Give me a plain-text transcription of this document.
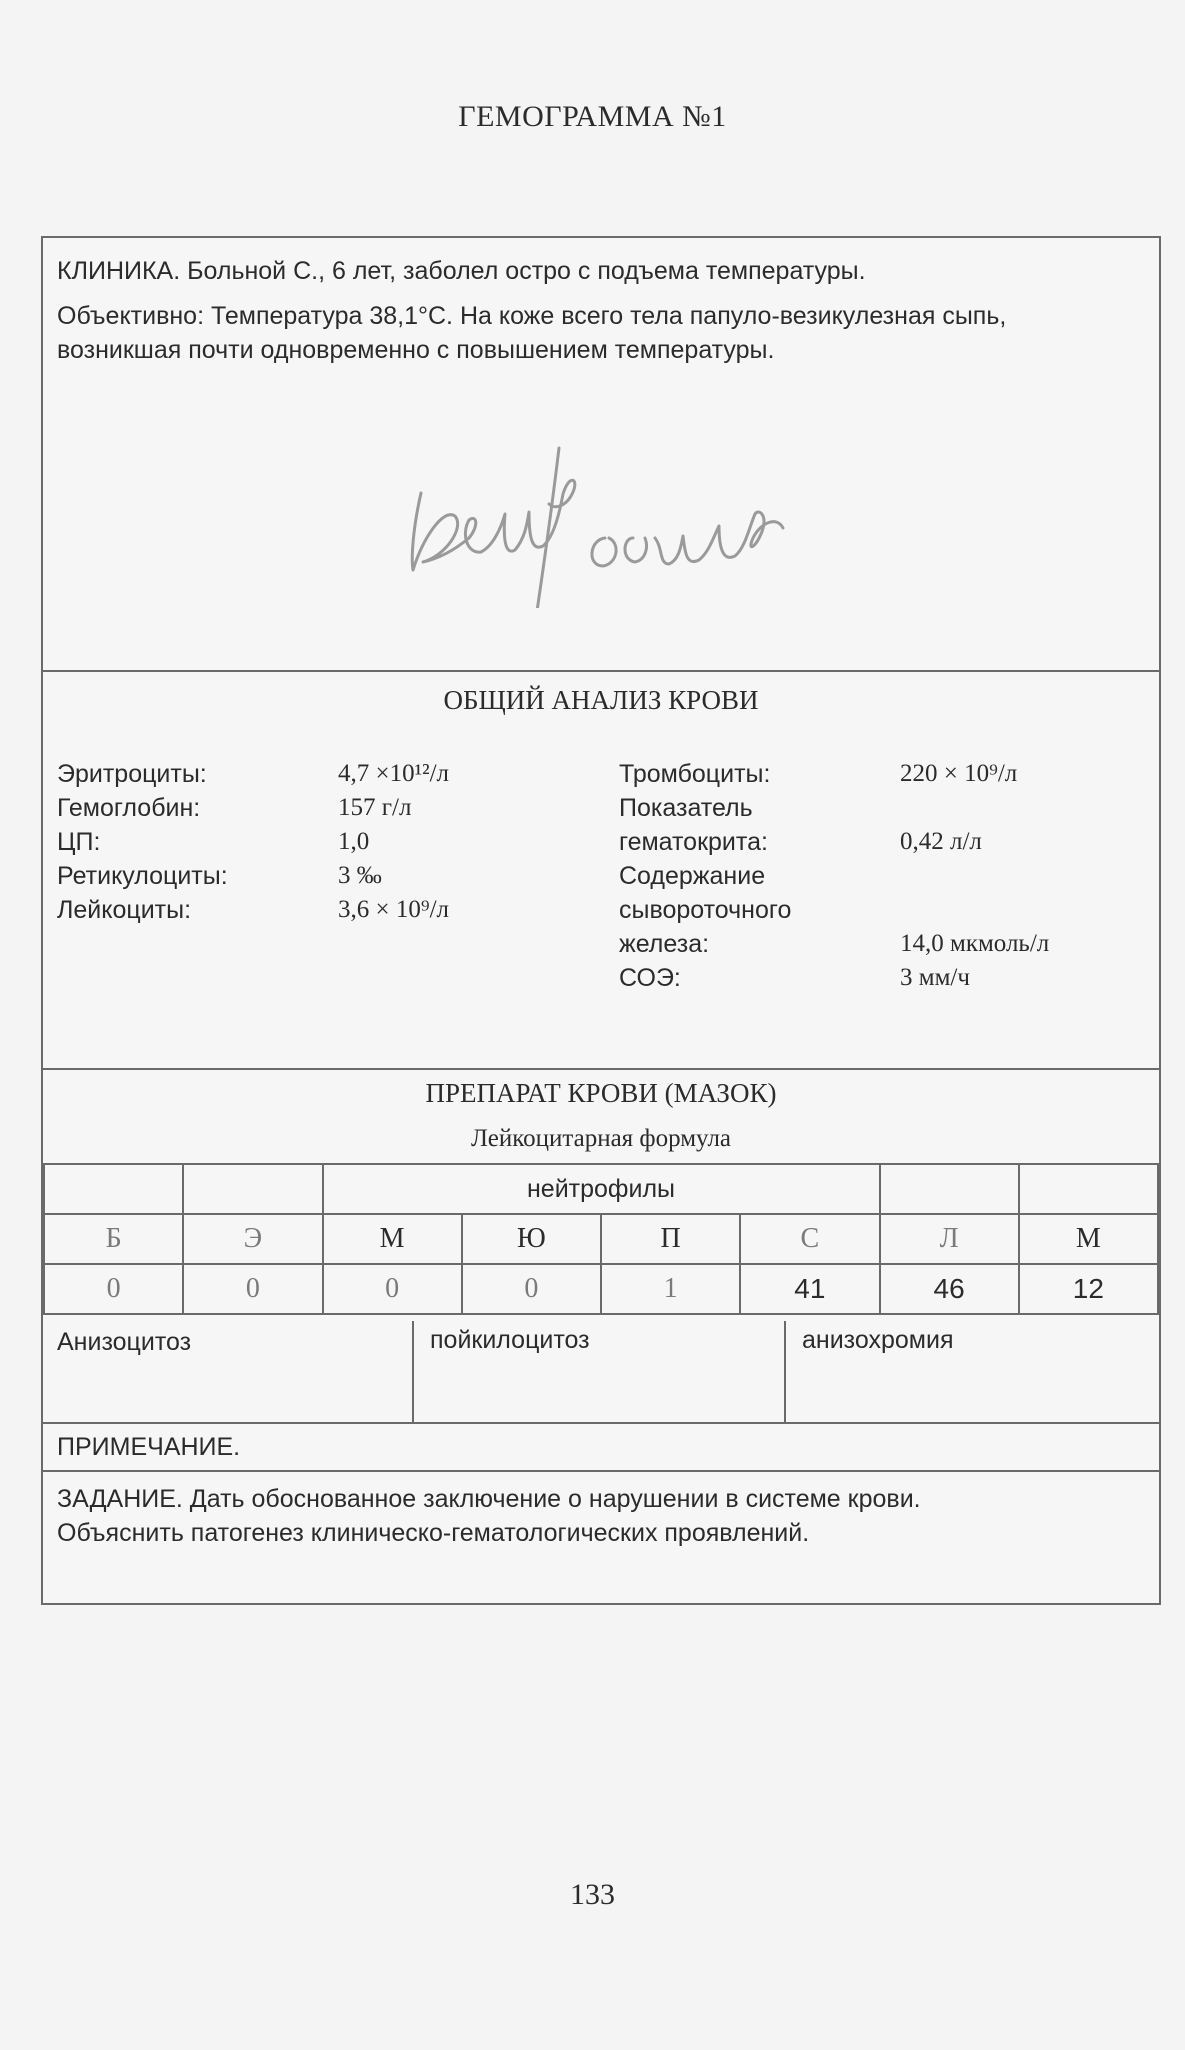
ГЕМОГРАММА №1
КЛИНИКА. Больной С., 6 лет, заболел остро с подъема температуры.
Объективно: Температура 38,1°С. На коже всего тела папуло-везикулезная сыпь,
возникшая почти одновременно с повышением температуры.
ОБЩИЙ АНАЛИЗ КРОВИ
Эритроциты:	4,7 ×10¹²/л
Гемоглобин:	157 г/л
ЦП:	1,0
Ретикулоциты:	3 ‰
Лейкоциты:	3,6 × 10⁹/л
Тромбоциты:	220 × 10⁹/л
Показатель
гематокрита:	0,42 л/л
Содержание
сывороточного
железа:	14,0 мкмоль/л
СОЭ:	3 мм/ч
ПРЕПАРАТ КРОВИ (МАЗОК)
Лейкоцитарная формула
		нейтрофилы					
Б	Э	М	Ю	П	С	Л	М
0	0	0	0	1	41	46	12
Анизоцитоз	пойкилоцитоз	анизохромия
ПРИМЕЧАНИЕ.
ЗАДАНИЕ. Дать обоснованное заключение о нарушении в системе крови.
Объяснить патогенез клиническо-гематологических проявлений.
133
